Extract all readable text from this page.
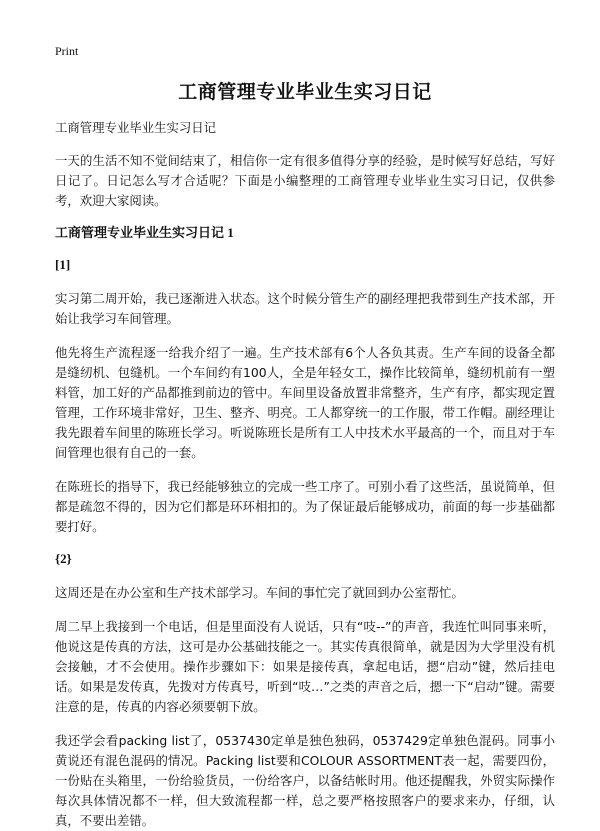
Print

工商管理专业毕业生实习日记

工商管理专业毕业生实习日记

一天的生活不知不觉间结束了，相信你一定有很多值得分享的经验，是时候写好总结，写好日记了。日记怎么写才合适呢？下面是小编整理的工商管理专业毕业生实习日记，仅供参考，欢迎大家阅读。

工商管理专业毕业生实习日记 1

[1]

实习第二周开始，我已逐渐进入状态。这个时候分管生产的副经理把我带到生产技术部，开始让我学习车间管理。

他先将生产流程逐一给我介绍了一遍。生产技术部有6个人各负其责。生产车间的设备全都是缝纫机、包缝机。一个车间约有100人，全是年轻女工，操作比较简单，缝纫机前有一塑料管，加工好的产品都推到前边的管中。车间里设备放置非常整齐，生产有序，都实现定置管理，工作环境非常好，卫生、整齐、明亮。工人都穿统一的工作服，带工作帽。副经理让我先跟着车间里的陈班长学习。听说陈班长是所有工人中技术水平最高的一个，而且对于车间管理也很有自己的一套。

在陈班长的指导下，我已经能够独立的完成一些工序了。可别小看了这些活，虽说简单，但都是疏忽不得的，因为它们都是环环相扣的。为了保证最后能够成功，前面的每一步基础都要打好。

{2}

这周还是在办公室和生产技术部学习。车间的事忙完了就回到办公室帮忙。

周二早上我接到一个电话，但是里面没有人说话，只有“吱--”的声音，我连忙叫同事来听，他说这是传真的方法，这可是办公基础技能之一。其实传真很简单，就是因为大学里没有机会接触，才不会使用。操作步骤如下：如果是接传真，拿起电话，摁“启动”键，然后挂电话。如果是发传真，先拨对方传真号，听到“吱…”之类的声音之后，摁一下“启动”键。需要注意的是，传真的内容必须要朝下放。

我还学会看packing list了，0537430定单是独色独码，0537429定单独色混码。同事小黄说还有混色混码的情况。Packing list要和COLOUR ASSORTMENT表一起，需要四份，一份贴在头箱里，一份给验货员，一份给客户，以备结帐时用。他还提醒我，外贸实际操作每次具体情况都不一样，但大致流程都一样，总之要严格按照客户的要求来办，仔细，认真，不要出差错。
